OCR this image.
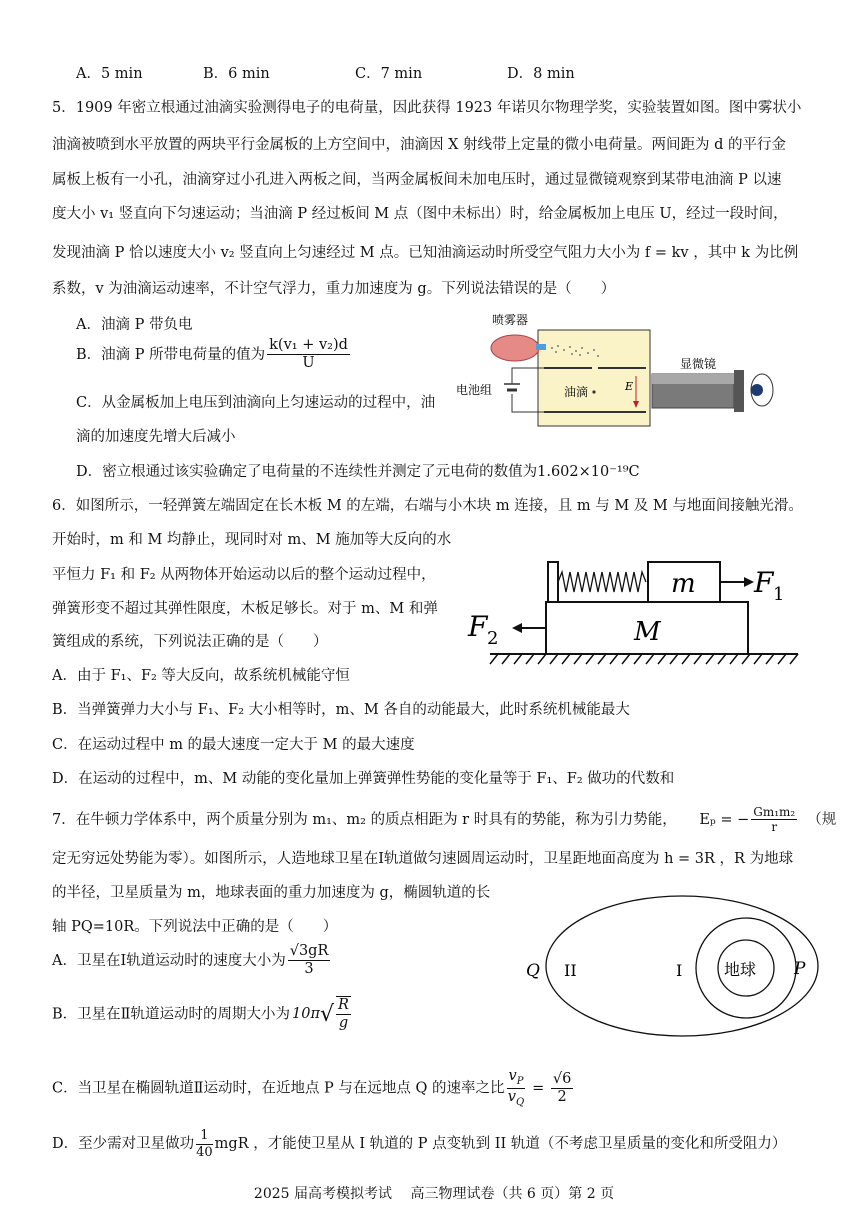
A．5 min	B．6 min	C．7 min	D．8 min
5．1909 年密立根通过油滴实验测得电子的电荷量，因此获得 1923 年诺贝尔物理学奖，实验装置如图。图中雾状小
油滴被喷到水平放置的两块平行金属板的上方空间中，油滴因 X 射线带上定量的微小电荷量。两间距为 d 的平行金
属板上板有一小孔，油滴穿过小孔进入两板之间，当两金属板间未加电压时，通过显微镜观察到某带电油滴 P 以速
度大小 v₁ 竖直向下匀速运动；当油滴 P 经过板间 M 点（图中未标出）时，给金属板加上电压 U，经过一段时间，
发现油滴 P 恰以速度大小 v₂ 竖直向上匀速经过 M 点。已知油滴运动时所受空气阻力大小为 f = kv ，其中 k 为比例
系数，v 为油滴运动速率，不计空气浮力，重力加速度为 g。下列说法错误的是（　　）
A．油滴 P 带负电
B．油滴 P 所带电荷量的值为 $\frac{\text{k(v₁ + v₂)d}}{U}$
C．从金属板加上电压到油滴向上匀速运动的过程中，油
滴的加速度先增大后减小
D．密立根通过该实验确定了电荷量的不连续性并测定了元电荷的数值为1.602×10⁻¹⁹C
喷雾器
电池组	油滴	E
显微镜
6．如图所示，一轻弹簧左端固定在长木板 M 的左端，右端与小木块 m 连接，且 m 与 M 及 M 与地面间接触光滑。
开始时，m 和 M 均静止，现同时对 m、M 施加等大反向的水
平恒力 F₁ 和 F₂ 从两物体开始运动以后的整个运动过程中，
弹簧形变不超过其弹性限度，木板足够长。对于 m、M 和弹
簧组成的系统，下列说法正确的是（　　）
A．由于 F₁、F₂ 等大反向，故系统机械能守恒
B．当弹簧弹力大小与 F₁、F₂ 大小相等时，m、M 各自的动能最大，此时系统机械能最大
C．在运动过程中 m 的最大速度一定大于 M 的最大速度
D．在运动的过程中，m、M 动能的变化量加上弹簧弹性势能的变化量等于 F₁、F₂ 做功的代数和
m
M
F 1
F 2
7．在牛顿力学体系中，两个质量分别为 m₁、m₂ 的质点相距为 r 时具有的势能，称为引力势能， Eₚ = − $\frac{\text{Gm₁m₂}}{r}$ （规
定无穷远处势能为零）。如图所示，人造地球卫星在Ⅰ轨道做匀速圆周运动时，卫星距地面高度为 h = 3R ，R 为地球
的半径，卫星质量为 m，地球表面的重力加速度为 g，椭圆轨道的长
轴 PQ=10R。下列说法中正确的是（　　）
A．卫星在Ⅰ轨道运动时的速度大小为 $\frac{√3gR}{3}$
B．卫星在Ⅱ轨道运动时的周期大小为 $10\pi√ \frac{R}{g}$
C．当卫星在椭圆轨道Ⅱ运动时，在近地点 P 与在远地点 Q 的速率之比 $\frac{v_P}{v_Q} = \frac{√6}{2}$
D．至少需对卫星做功 $\frac{1}{40}$ mgR ，才能使卫星从 I 轨道的 P 点变轨到 II 轨道（不考虑卫星质量的变化和所受阻力）
地球
Q II	I	P
2025 届高考模拟考试　 高三物理试卷（共 6 页）第 2 页
